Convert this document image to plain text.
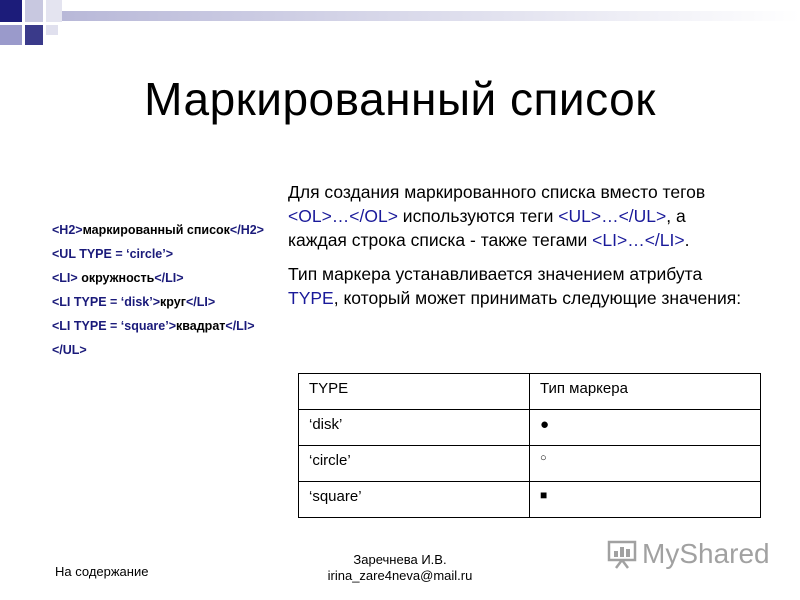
Маркированный список
<H2>маркированный список</H2>
<UL TYPE = ‘circle’>
<LI> окружность</LI>
<LI TYPE = ‘disk’>круг</LI>
<LI TYPE = ‘square’>квадрат</LI>
</UL>

Для создания маркированного списка вместо тегов <OL>…</OL> используются теги <UL>…</UL>, а каждая строка списка - также тегами <LI>…</LI>.

Тип маркера устанавливается значением атрибута TYPE, который может принимать следующие значения:

TYPE	Тип маркера
‘disk’	●
‘circle’	○
‘square’	■
На содержание
Заречнева И.В.
irina_zare4neva@mail.ru
MyShared
